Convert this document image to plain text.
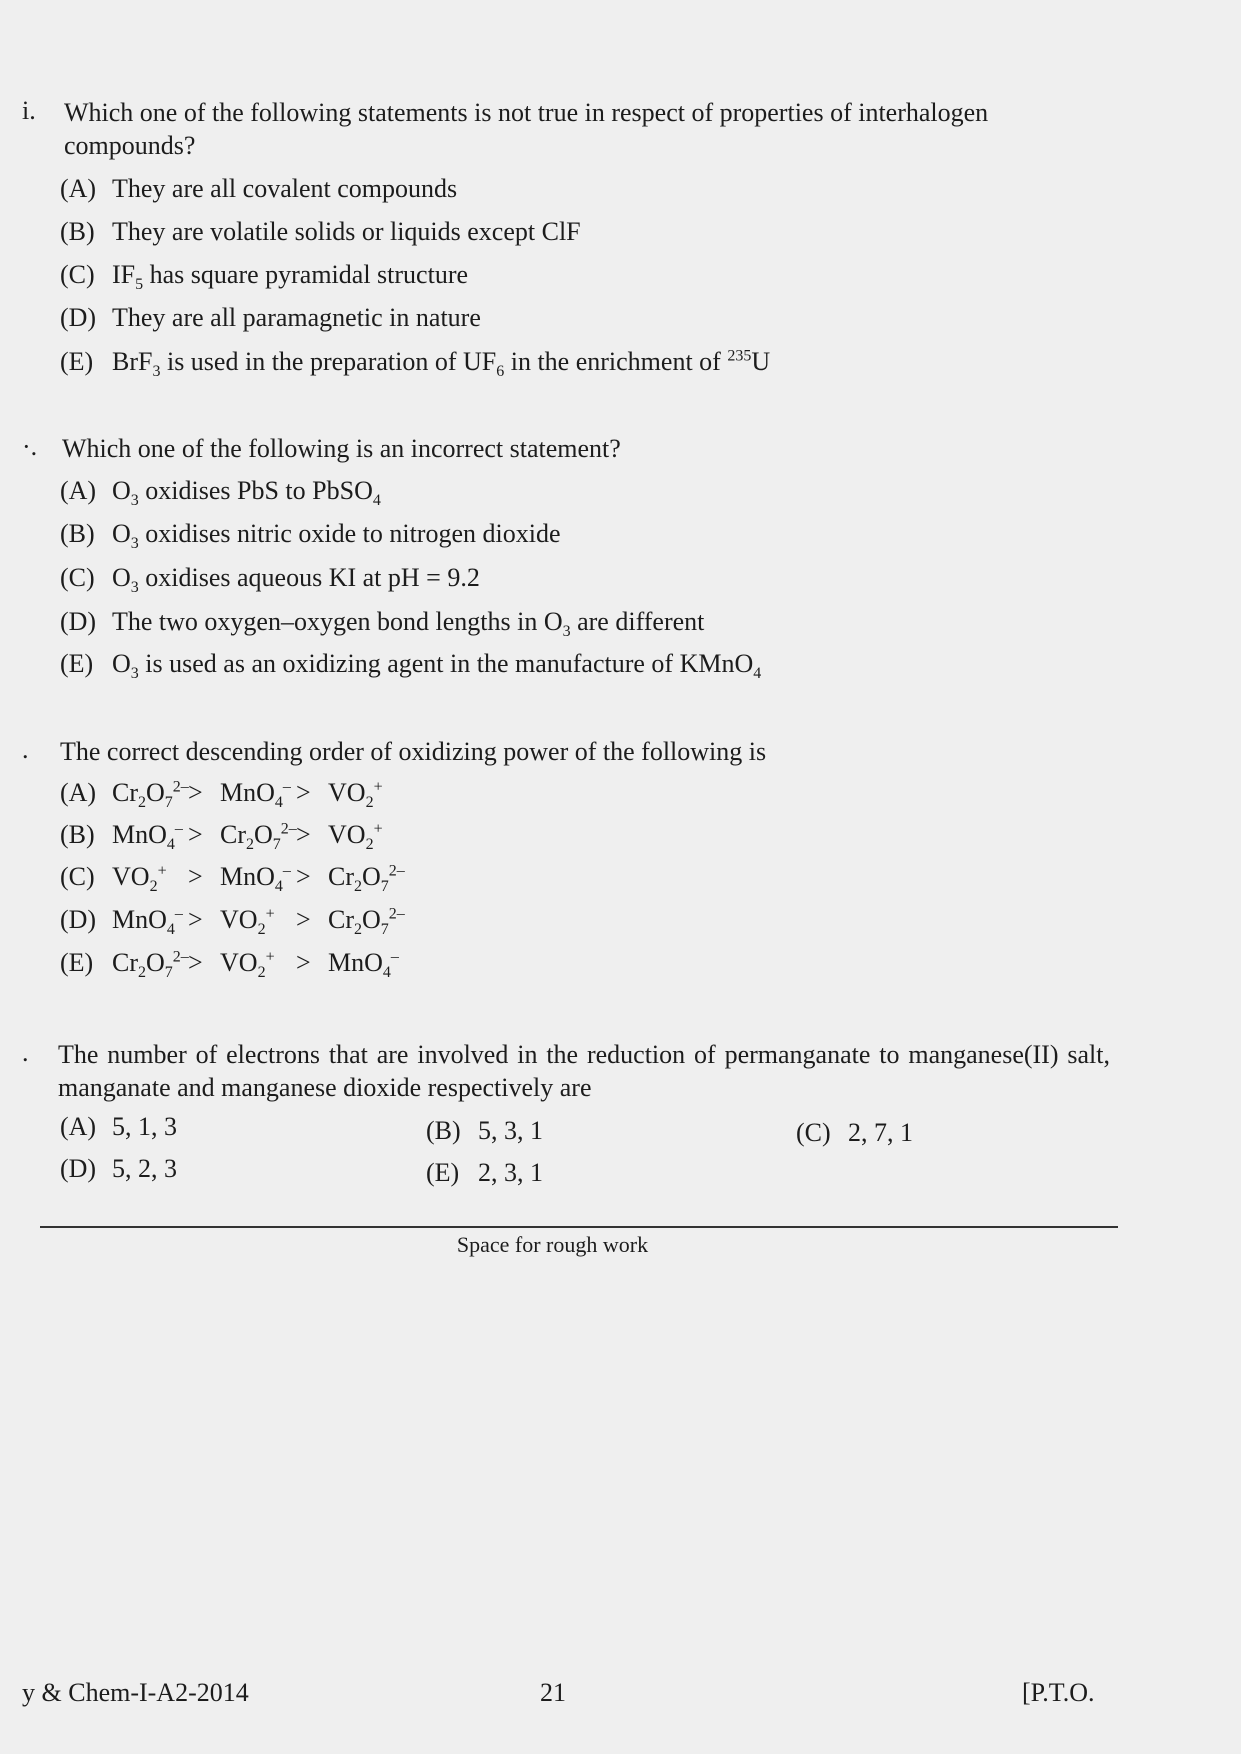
і. Which one of the following statements is not true in respect of properties of interhalogen compounds?
(A) They are all covalent compounds
(B) They are volatile solids or liquids except ClF
(C) $IF_5$ has square pyramidal structure
(D) They are all paramagnetic in nature
(E) BrF$_3$ is used in the preparation of $UF_6$ in the enrichment of $^{235}$U
·. Which one of the following is an incorrect statement?
(A) $O_3$ oxidises PbS to PbSO$_4$
(B) $O_3$ oxidises nitric oxide to nitrogen dioxide
(C) $O_3$ oxidises aqueous KI at pH = 9.2
(D) The two oxygen–oxygen bond lengths in $O_3$ are different
(E) $O_3$ is used as an oxidizing agent in the manufacture of KMnO$_4$
. The correct descending order of oxidizing power of the following is
(A) $Cr_2O_7^{2-} > MnO_4^- > VO_2^+$
(B) $MnO_4^- > Cr_2O_7^{2-} > VO_2^+$
(C) $VO_2^+ > MnO_4^- > Cr_2O_7^{2-}$
(D) $MnO_4^- > VO_2^+ > Cr_2O_7^{2-}$
(E) $Cr_2O_7^{2-} > VO_2^+ > MnO_4^-$
. The number of electrons that are involved in the reduction of permanganate to manganese(II) salt, manganate and manganese dioxide respectively are
(A) 5, 1, 3	(B) 5, 3, 1	(C) 2, 7, 1
(D) 5, 2, 3	(E) 2, 3, 1
Space for rough work
y & Chem-I-A2-2014	21	[P.T.O.
